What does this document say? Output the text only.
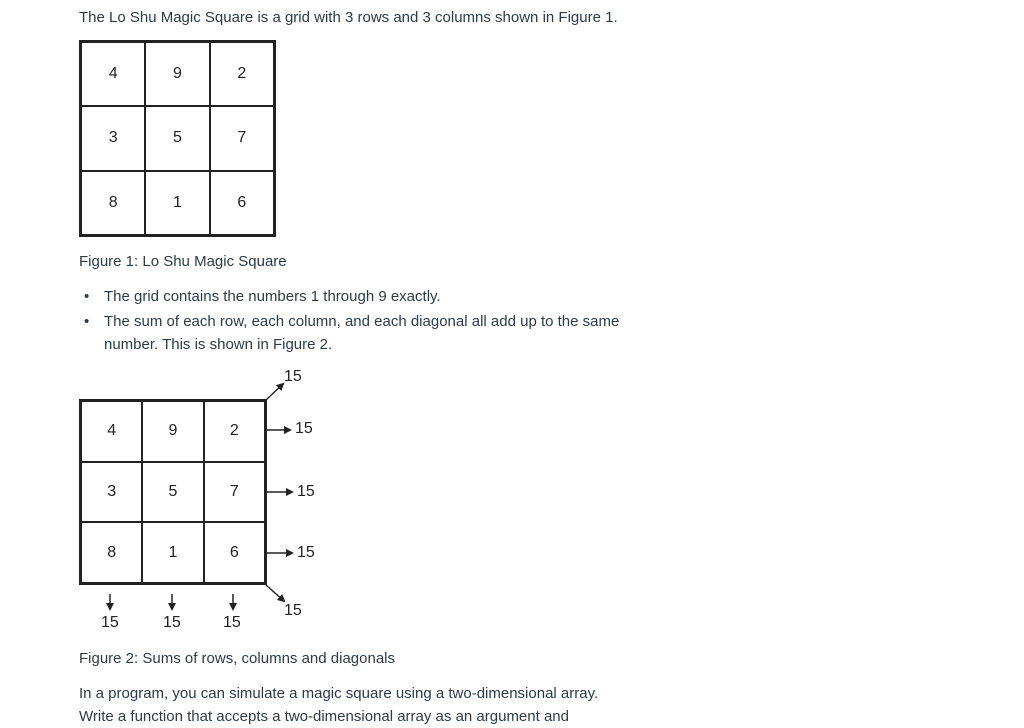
The Lo Shu Magic Square is a grid with 3 rows and 3 columns shown in Figure 1.

4	9	2
3	5	7
8	1	6

Figure 1: Lo Shu Magic Square

• The grid contains the numbers 1 through 9 exactly.
• The sum of each row, each column, and each diagonal all add up to the same number. This is shown in Figure 2.
4	9	2
3	5	7
8	1	6
15
15
15
15
15
15	15	15

Figure 2: Sums of rows, columns and diagonals

In a program, you can simulate a magic square using a two-dimensional array.

Write a function that accepts a two-dimensional array as an argument and
